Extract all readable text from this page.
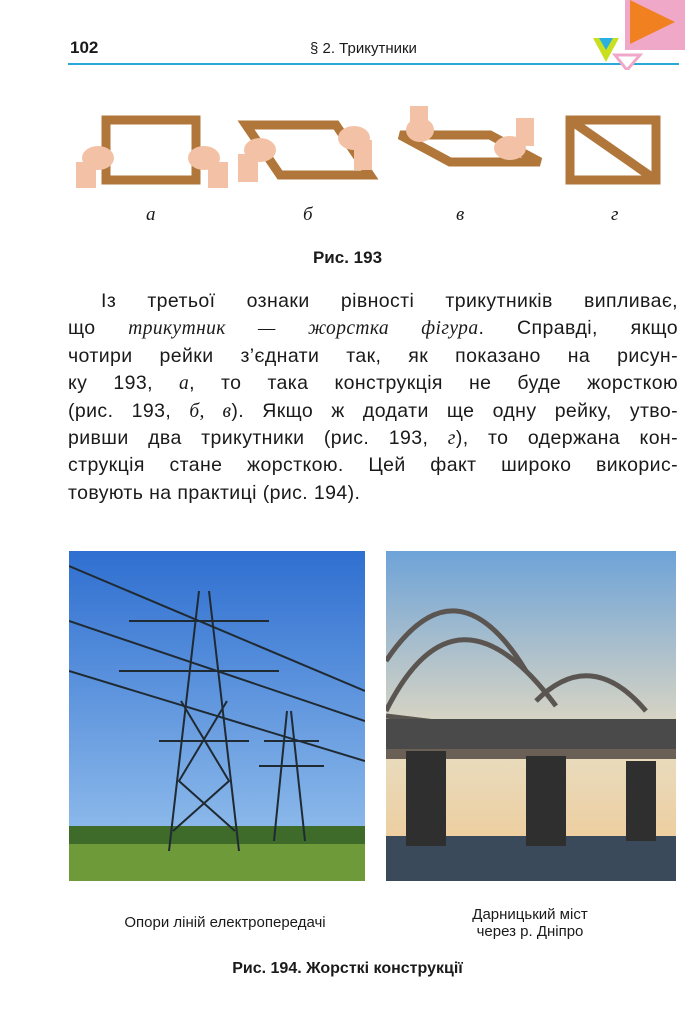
102	§ 2. Трикутники
а	б	в	г
Рис. 193
Із третьої ознаки рівності трикутників випливає,
що трикутник — жорстка фігура. Справді, якщо
чотири рейки з’єднати так, як показано на рисун-
ку 193, а, то така конструкція не буде жорсткою
(рис. 193, б, в). Якщо ж додати ще одну рейку, утво-
ривши два трикутники (рис. 193, г), то одержана кон-
струкція стане жорсткою. Цей факт широко викорис-
товують на практиці (рис. 194).
Опори ліній електропередачі	Дарницький міст
через р. Дніпро
Рис. 194. Жорсткі конструкції
